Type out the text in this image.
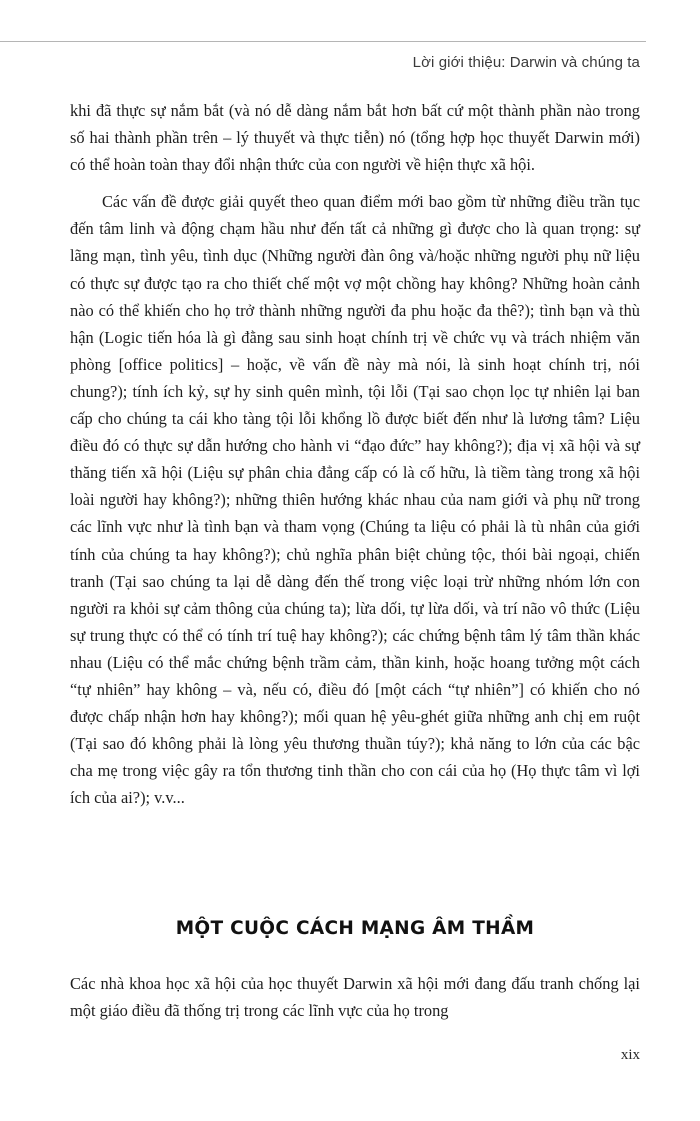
Lời giới thiệu: Darwin và chúng ta

khi đã thực sự nắm bắt (và nó dễ dàng nắm bắt hơn bất cứ một thành phần nào trong số hai thành phần trên – lý thuyết và thực tiễn) nó (tổng hợp học thuyết Darwin mới) có thể hoàn toàn thay đổi nhận thức của con người về hiện thực xã hội.

Các vấn đề được giải quyết theo quan điểm mới bao gồm từ những điều trần tục đến tâm linh và động chạm hầu như đến tất cả những gì được cho là quan trọng: sự lãng mạn, tình yêu, tình dục (Những người đàn ông và/hoặc những người phụ nữ liệu có thực sự được tạo ra cho thiết chế một vợ một chồng hay không? Những hoàn cảnh nào có thể khiến cho họ trở thành những người đa phu hoặc đa thê?); tình bạn và thù hận (Logic tiến hóa là gì đằng sau sinh hoạt chính trị về chức vụ và trách nhiệm văn phòng [office politics] – hoặc, về vấn đề này mà nói, là sinh hoạt chính trị, nói chung?); tính ích kỷ, sự hy sinh quên mình, tội lỗi (Tại sao chọn lọc tự nhiên lại ban cấp cho chúng ta cái kho tàng tội lỗi khổng lồ được biết đến như là lương tâm? Liệu điều đó có thực sự dẫn hướng cho hành vi “đạo đức” hay không?); địa vị xã hội và sự thăng tiến xã hội (Liệu sự phân chia đẳng cấp có là cố hữu, là tiềm tàng trong xã hội loài người hay không?); những thiên hướng khác nhau của nam giới và phụ nữ trong các lĩnh vực như là tình bạn và tham vọng (Chúng ta liệu có phải là tù nhân của giới tính của chúng ta hay không?); chủ nghĩa phân biệt chủng tộc, thói bài ngoại, chiến tranh (Tại sao chúng ta lại dễ dàng đến thế trong việc loại trừ những nhóm lớn con người ra khỏi sự cảm thông của chúng ta); lừa dối, tự lừa dối, và trí não vô thức (Liệu sự trung thực có thể có tính trí tuệ hay không?); các chứng bệnh tâm lý tâm thần khác nhau (Liệu có thể mắc chứng bệnh trầm cảm, thần kinh, hoặc hoang tưởng một cách “tự nhiên” hay không – và, nếu có, điều đó [một cách “tự nhiên”] có khiến cho nó được chấp nhận hơn hay không?); mối quan hệ yêu-ghét giữa những anh chị em ruột (Tại sao đó không phải là lòng yêu thương thuần túy?); khả năng to lớn của các bậc cha mẹ trong việc gây ra tổn thương tinh thần cho con cái của họ (Họ thực tâm vì lợi ích của ai?); v.v...

MỘT CUỘC CÁCH MẠNG ÂM THẦM

Các nhà khoa học xã hội của học thuyết Darwin xã hội mới đang đấu tranh chống lại một giáo điều đã thống trị trong các lĩnh vực của họ trong

xix
